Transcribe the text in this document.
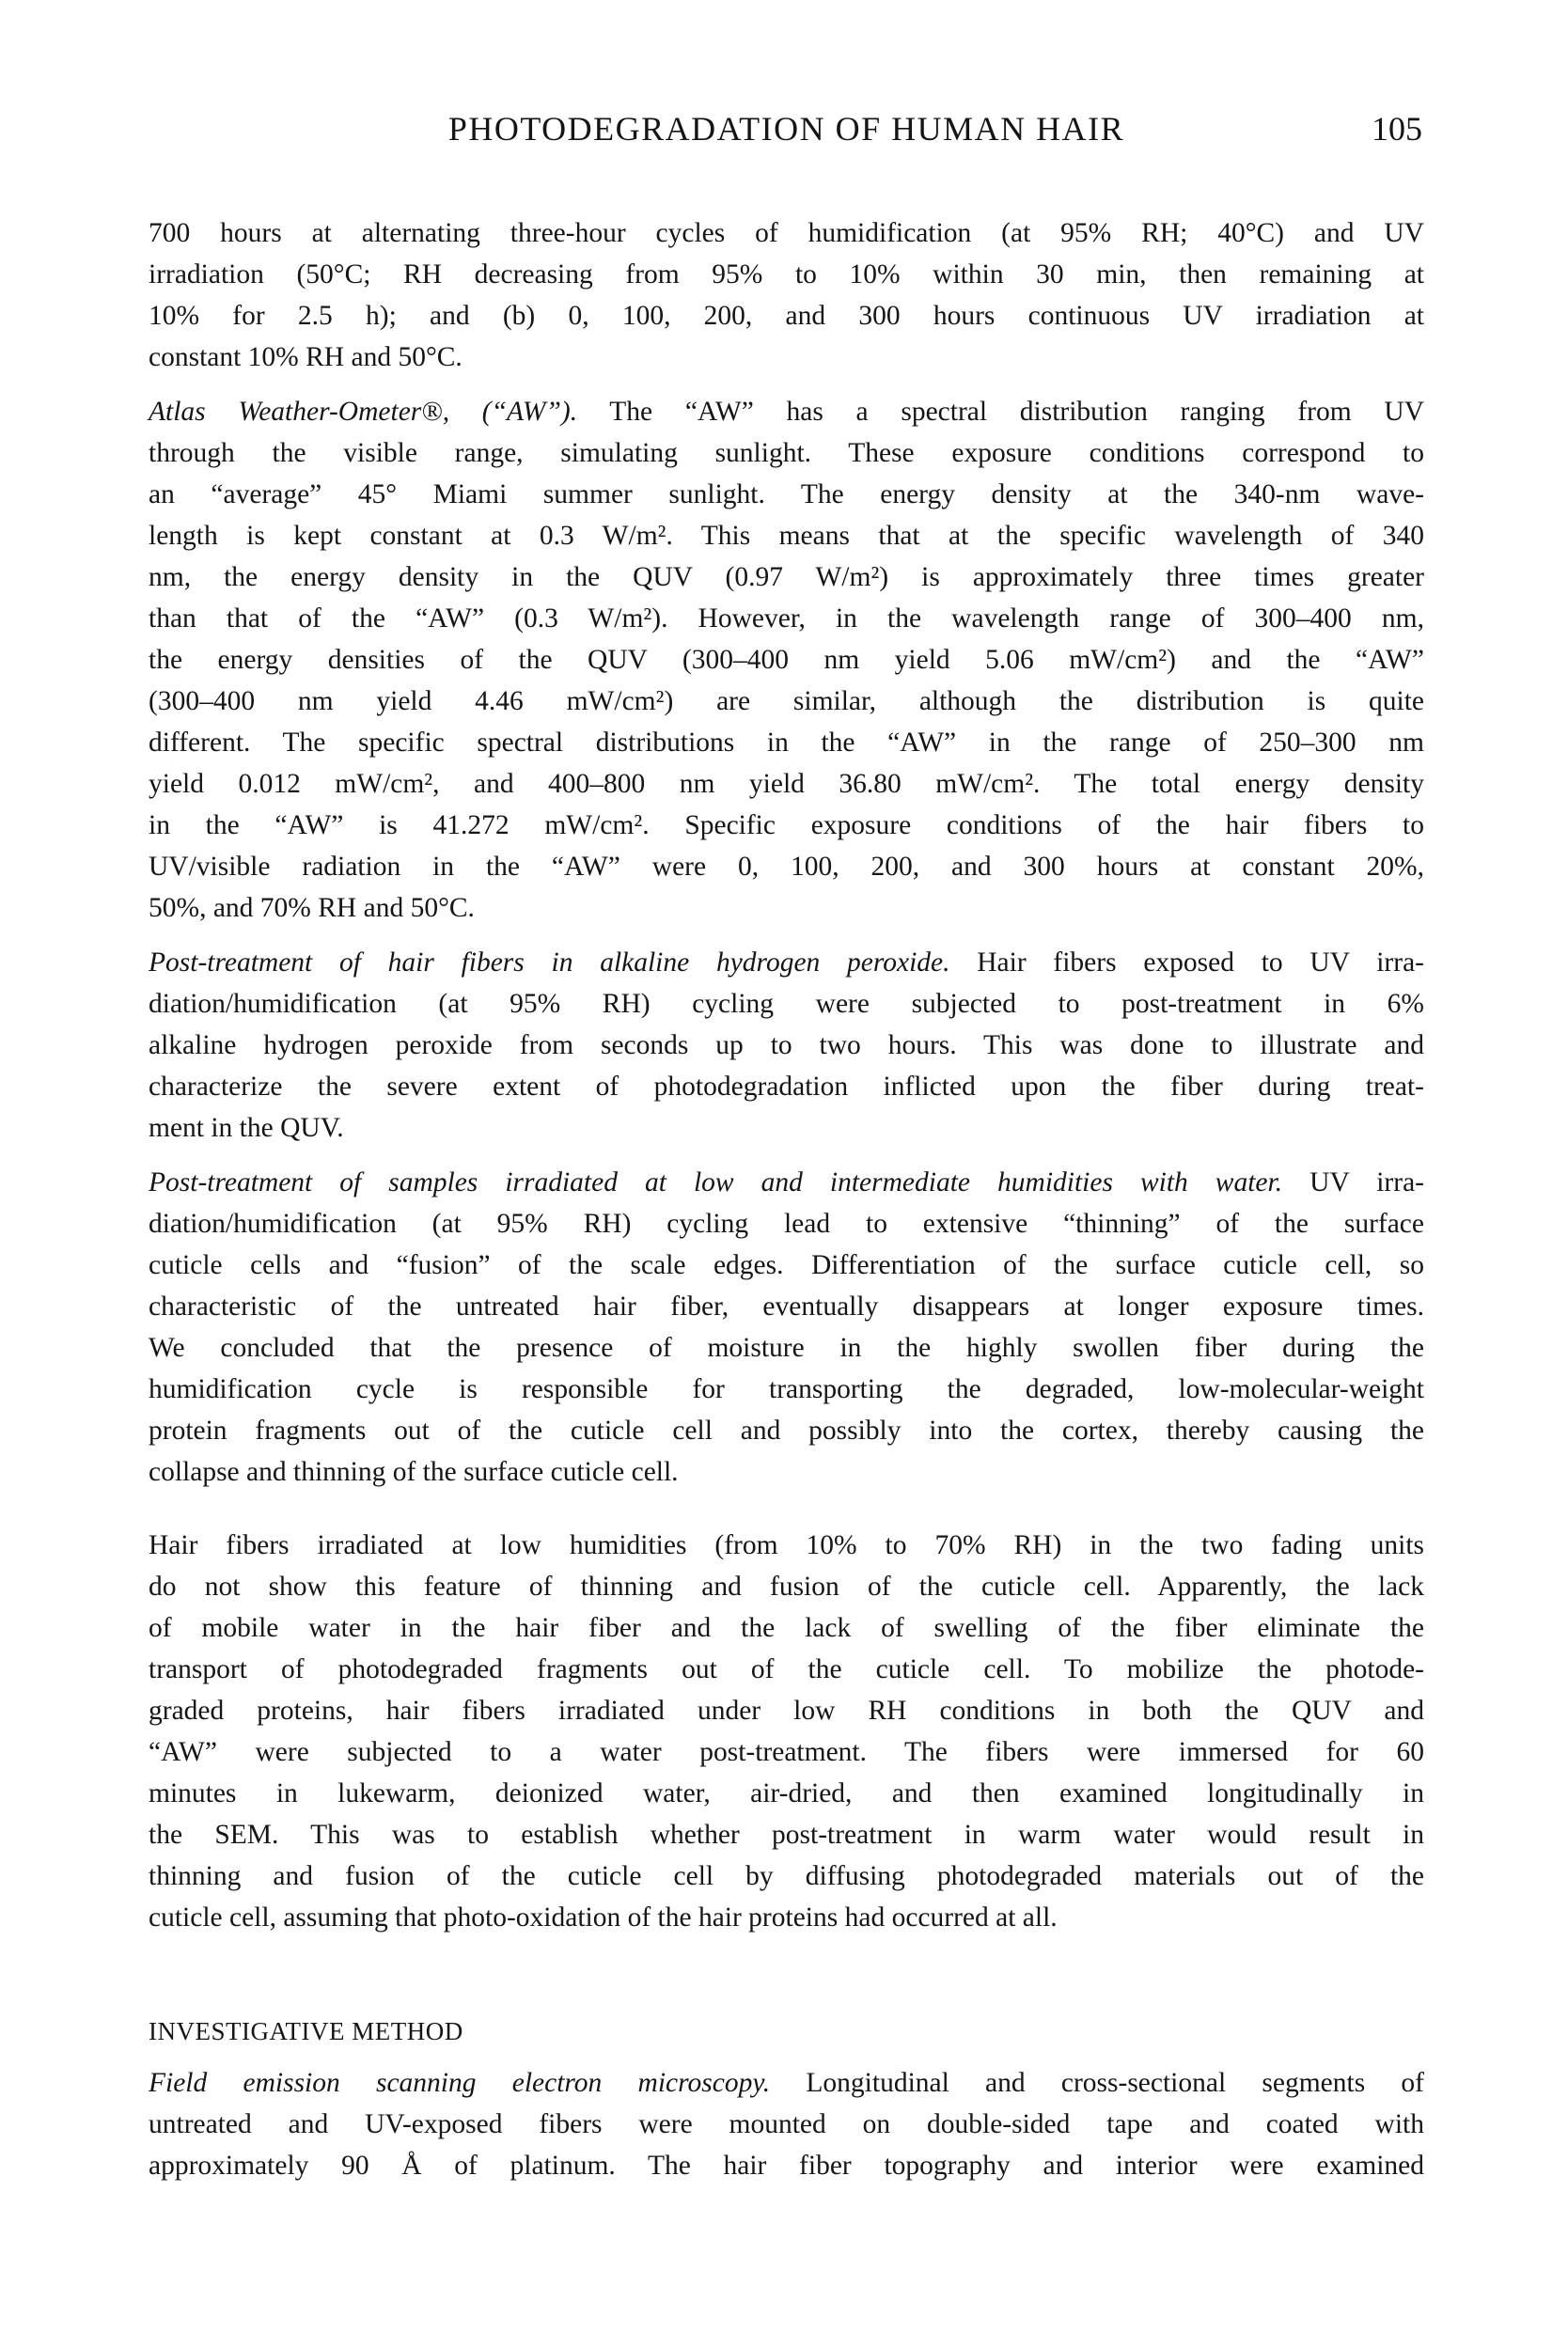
PHOTODEGRADATION OF HUMAN HAIR	105
700 hours at alternating three-hour cycles of humidification (at 95% RH; 40°C) and UV
irradiation (50°C; RH decreasing from 95% to 10% within 30 min, then remaining at
10% for 2.5 h); and (b) 0, 100, 200, and 300 hours continuous UV irradiation at
constant 10% RH and 50°C.
Atlas Weather-Ometer®, (“AW”). The “AW” has a spectral distribution ranging from UV
through the visible range, simulating sunlight. These exposure conditions correspond to
an “average” 45° Miami summer sunlight. The energy density at the 340-nm wave-
length is kept constant at 0.3 W/m². This means that at the specific wavelength of 340
nm, the energy density in the QUV (0.97 W/m²) is approximately three times greater
than that of the “AW” (0.3 W/m²). However, in the wavelength range of 300–400 nm,
the energy densities of the QUV (300–400 nm yield 5.06 mW/cm²) and the “AW”
(300–400 nm yield 4.46 mW/cm²) are similar, although the distribution is quite
different. The specific spectral distributions in the “AW” in the range of 250–300 nm
yield 0.012 mW/cm², and 400–800 nm yield 36.80 mW/cm². The total energy density
in the “AW” is 41.272 mW/cm². Specific exposure conditions of the hair fibers to
UV/visible radiation in the “AW” were 0, 100, 200, and 300 hours at constant 20%,
50%, and 70% RH and 50°C.
Post-treatment of hair fibers in alkaline hydrogen peroxide. Hair fibers exposed to UV irra-
diation/humidification (at 95% RH) cycling were subjected to post-treatment in 6%
alkaline hydrogen peroxide from seconds up to two hours. This was done to illustrate and
characterize the severe extent of photodegradation inflicted upon the fiber during treat-
ment in the QUV.
Post-treatment of samples irradiated at low and intermediate humidities with water. UV irra-
diation/humidification (at 95% RH) cycling lead to extensive “thinning” of the surface
cuticle cells and “fusion” of the scale edges. Differentiation of the surface cuticle cell, so
characteristic of the untreated hair fiber, eventually disappears at longer exposure times.
We concluded that the presence of moisture in the highly swollen fiber during the
humidification cycle is responsible for transporting the degraded, low-molecular-weight
protein fragments out of the cuticle cell and possibly into the cortex, thereby causing the
collapse and thinning of the surface cuticle cell.
Hair fibers irradiated at low humidities (from 10% to 70% RH) in the two fading units
do not show this feature of thinning and fusion of the cuticle cell. Apparently, the lack
of mobile water in the hair fiber and the lack of swelling of the fiber eliminate the
transport of photodegraded fragments out of the cuticle cell. To mobilize the photode-
graded proteins, hair fibers irradiated under low RH conditions in both the QUV and
“AW” were subjected to a water post-treatment. The fibers were immersed for 60
minutes in lukewarm, deionized water, air-dried, and then examined longitudinally in
the SEM. This was to establish whether post-treatment in warm water would result in
thinning and fusion of the cuticle cell by diffusing photodegraded materials out of the
cuticle cell, assuming that photo-oxidation of the hair proteins had occurred at all.
INVESTIGATIVE METHOD
Field emission scanning electron microscopy. Longitudinal and cross-sectional segments of
untreated and UV-exposed fibers were mounted on double-sided tape and coated with
approximately 90 Å of platinum. The hair fiber topography and interior were examined
